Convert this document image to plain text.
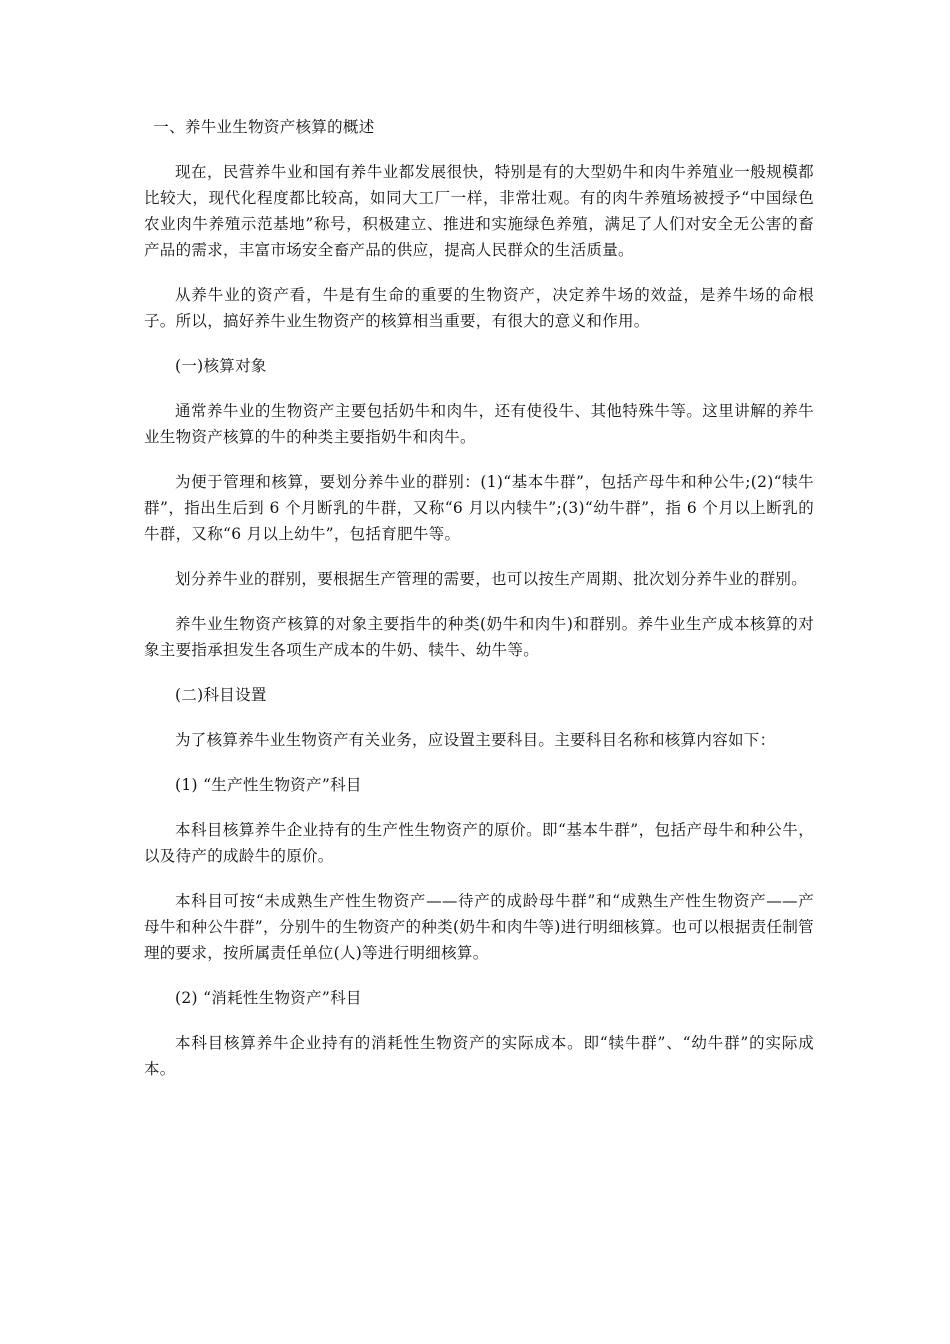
一、养牛业生物资产核算的概述

现在，民营养牛业和国有养牛业都发展很快，特别是有的大型奶牛和肉牛养殖业一般规模都比较大，现代化程度都比较高，如同大工厂一样，非常壮观。有的肉牛养殖场被授予“中国绿色农业肉牛养殖示范基地”称号，积极建立、推进和实施绿色养殖，满足了人们对安全无公害的畜产品的需求，丰富市场安全畜产品的供应，提高人民群众的生活质量。

从养牛业的资产看，牛是有生命的重要的生物资产，决定养牛场的效益，是养牛场的命根子。所以，搞好养牛业生物资产的核算相当重要，有很大的意义和作用。

(一)核算对象

通常养牛业的生物资产主要包括奶牛和肉牛，还有使役牛、其他特殊牛等。这里讲解的养牛业生物资产核算的牛的种类主要指奶牛和肉牛。

为便于管理和核算，要划分养牛业的群别：(1)“基本牛群”，包括产母牛和种公牛;(2)“犊牛群”，指出生后到 6 个月断乳的牛群，又称“6 月以内犊牛”;(3)“幼牛群”，指 6 个月以上断乳的牛群，又称“6 月以上幼牛”，包括育肥牛等。

划分养牛业的群别，要根据生产管理的需要，也可以按生产周期、批次划分养牛业的群别。

养牛业生物资产核算的对象主要指牛的种类(奶牛和肉牛)和群别。养牛业生产成本核算的对象主要指承担发生各项生产成本的牛奶、犊牛、幼牛等。

(二)科目设置

为了核算养牛业生物资产有关业务，应设置主要科目。主要科目名称和核算内容如下：

(1) “生产性生物资产”科目

本科目核算养牛企业持有的生产性生物资产的原价。即“基本牛群”，包括产母牛和种公牛，以及待产的成龄牛的原价。

本科目可按“未成熟生产性生物资产——待产的成龄母牛群”和“成熟生产性生物资产——产母牛和种公牛群”，分别牛的生物资产的种类(奶牛和肉牛等)进行明细核算。也可以根据责任制管理的要求，按所属责任单位(人)等进行明细核算。

(2) “消耗性生物资产”科目

本科目核算养牛企业持有的消耗性生物资产的实际成本。即“犊牛群”、“幼牛群”的实际成本。
